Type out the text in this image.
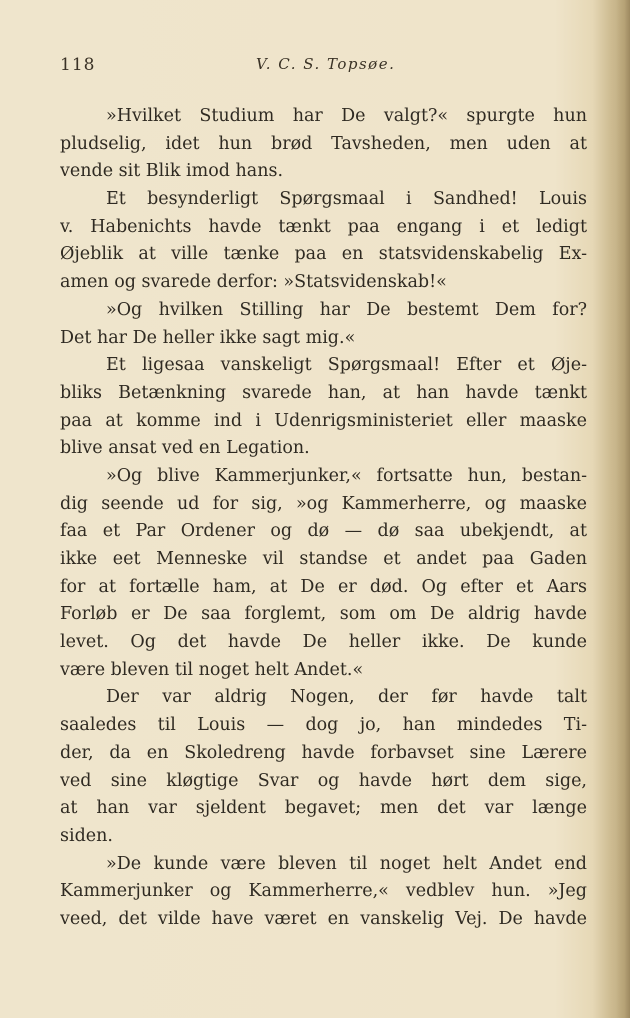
118	V. C. S. Topsøe.
»Hvilket Studium har De valgt?« spurgte hun
pludselig, idet hun brød Tavsheden, men uden at
vende sit Blik imod hans.
Et besynderligt Spørgsmaal i Sandhed! Louis
v. Habenichts havde tænkt paa engang i et ledigt
Øjeblik at ville tænke paa en statsvidenskabelig Ex-
amen og svarede derfor: »Statsvidenskab!«
»Og hvilken Stilling har De bestemt Dem for?
Det har De heller ikke sagt mig.«
Et ligesaa vanskeligt Spørgsmaal! Efter et Øje-
bliks Betænkning svarede han, at han havde tænkt
paa at komme ind i Udenrigsministeriet eller maaske
blive ansat ved en Legation.
»Og blive Kammerjunker,« fortsatte hun, bestan-
dig seende ud for sig, »og Kammerherre, og maaske
faa et Par Ordener og dø — dø saa ubekjendt, at
ikke eet Menneske vil standse et andet paa Gaden
for at fortælle ham, at De er død. Og efter et Aars
Forløb er De saa forglemt, som om De aldrig havde
levet. Og det havde De heller ikke. De kunde
være bleven til noget helt Andet.«
Der var aldrig Nogen, der før havde talt
saaledes til Louis — dog jo, han mindedes Ti-
der, da en Skoledreng havde forbavset sine Lærere
ved sine kløgtige Svar og havde hørt dem sige,
at han var sjeldent begavet; men det var længe
siden.
»De kunde være bleven til noget helt Andet end
Kammerjunker og Kammerherre,« vedblev hun. »Jeg
veed, det vilde have været en vanskelig Vej. De havde
